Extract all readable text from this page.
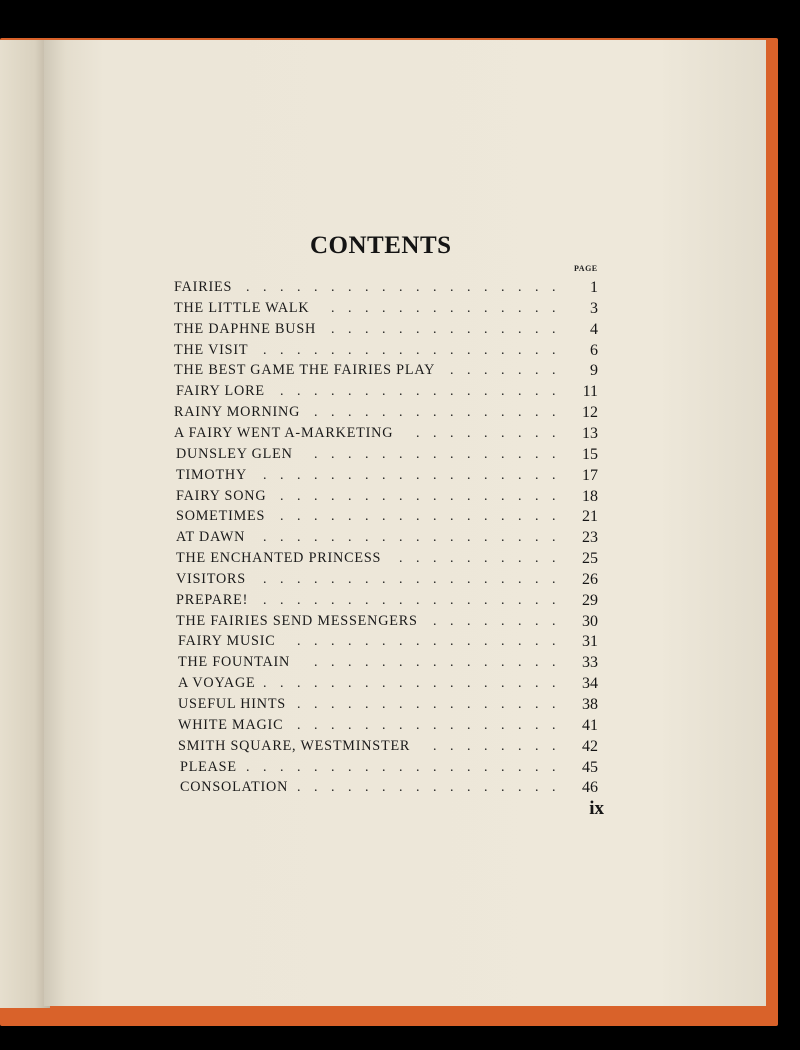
CONTENTS
PAGE
FAIRIES	1
. . . . . . . . . . . . . . . . . . .
THE LITTLE WALK	3
. . . . . . . . . . . . . .
THE DAPHNE BUSH	4
. . . . . . . . . . . . . .
THE VISIT	6
. . . . . . . . . . . . . . . . . .
THE BEST GAME THE FAIRIES PLAY	9
. . . . . . .
FAIRY LORE	11
. . . . . . . . . . . . . . . . .
RAINY MORNING	12
. . . . . . . . . . . . . . .
A FAIRY WENT A-MARKETING	13
. . . . . . . . .
DUNSLEY GLEN	15
. . . . . . . . . . . . . . .
TIMOTHY	17
. . . . . . . . . . . . . . . . . .
FAIRY SONG	18
. . . . . . . . . . . . . . . . .
SOMETIMES	21
. . . . . . . . . . . . . . . . .
AT DAWN	23
. . . . . . . . . . . . . . . . . .
THE ENCHANTED PRINCESS	25
. . . . . . . . . .
VISITORS	26
. . . . . . . . . . . . . . . . . .
PREPARE!	29
. . . . . . . . . . . . . . . . . .
THE FAIRIES SEND MESSENGERS	30
. . . . . . . .
FAIRY MUSIC	31
. . . . . . . . . . . . . . . .
THE FOUNTAIN	33
. . . . . . . . . . . . . . .
A VOYAGE	34
. . . . . . . . . . . . . . . . . .
USEFUL HINTS	38
. . . . . . . . . . . . . . . .
WHITE MAGIC	41
. . . . . . . . . . . . . . . .
SMITH SQUARE, WESTMINSTER	42
. . . . . . . .
PLEASE	45
. . . . . . . . . . . . . . . . . . .
CONSOLATION	46
. . . . . . . . . . . . . . . .
ix
